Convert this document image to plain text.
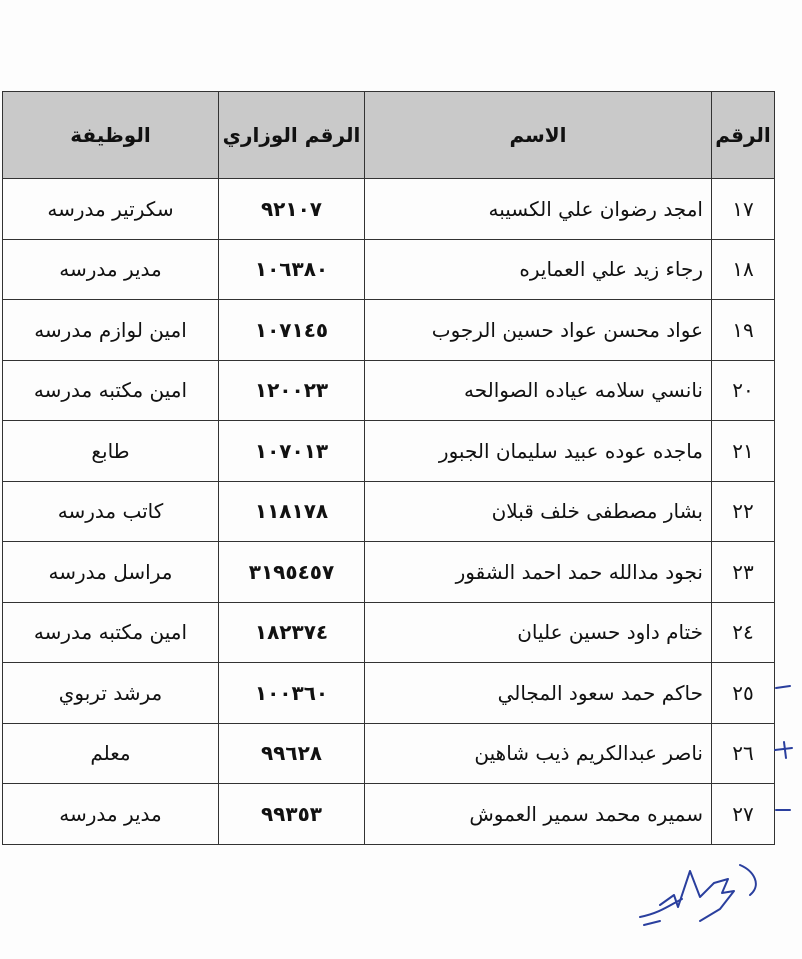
الرقم	الاسم	الرقم الوزاري	الوظيفة
١٧	امجد رضوان علي الكسيبه	٩٢١٠٧	سكرتير مدرسه
١٨	رجاء زيد علي العمايره	١٠٦٣٨٠	مدير مدرسه
١٩	عواد محسن عواد حسين الرجوب	١٠٧١٤٥	امين لوازم مدرسه
٢٠	نانسي سلامه عياده الصوالحه	١٢٠٠٢٣	امين مكتبه مدرسه
٢١	ماجده عوده عبيد سليمان الجبور	١٠٧٠١٣	طابع
٢٢	بشار مصطفى خلف قبلان	١١٨١٧٨	كاتب مدرسه
٢٣	نجود مدالله حمد احمد الشقور	٣١٩٥٤٥٧	مراسل مدرسه
٢٤	ختام داود حسين عليان	١٨٢٣٧٤	امين مكتبه مدرسه
٢٥	حاكم حمد سعود المجالي	١٠٠٣٦٠	مرشد تربوي
٢٦	ناصر عبدالكريم ذيب شاهين	٩٩٦٢٨	معلم
٢٧	سميره محمد سمير العموش	٩٩٣٥٣	مدير مدرسه
